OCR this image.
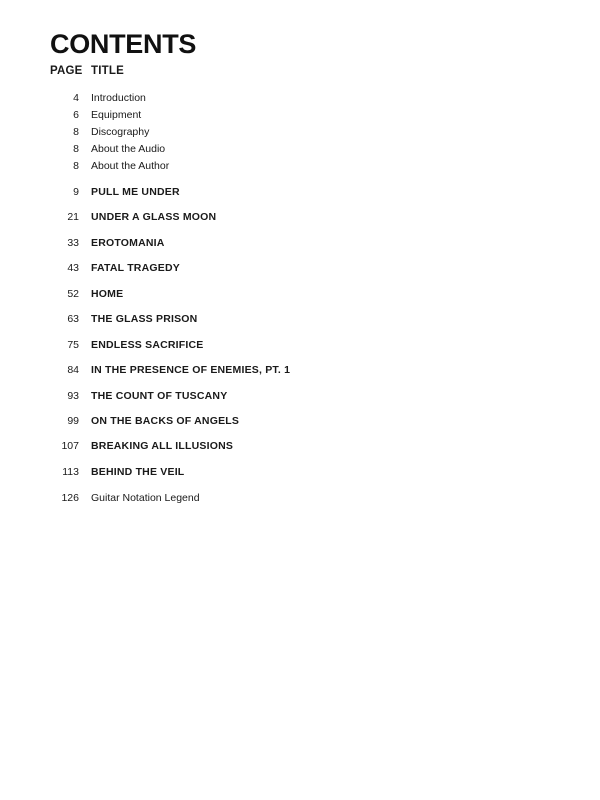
CONTENTS
PAGE TITLE
4 Introduction
6 Equipment
8 Discography
8 About the Audio
8 About the Author
9 PULL ME UNDER
21 UNDER A GLASS MOON
33 EROTOMANIA
43 FATAL TRAGEDY
52 HOME
63 THE GLASS PRISON
75 ENDLESS SACRIFICE
84 IN THE PRESENCE OF ENEMIES, PT. 1
93 THE COUNT OF TUSCANY
99 ON THE BACKS OF ANGELS
107 BREAKING ALL ILLUSIONS
113 BEHIND THE VEIL
126 Guitar Notation Legend
